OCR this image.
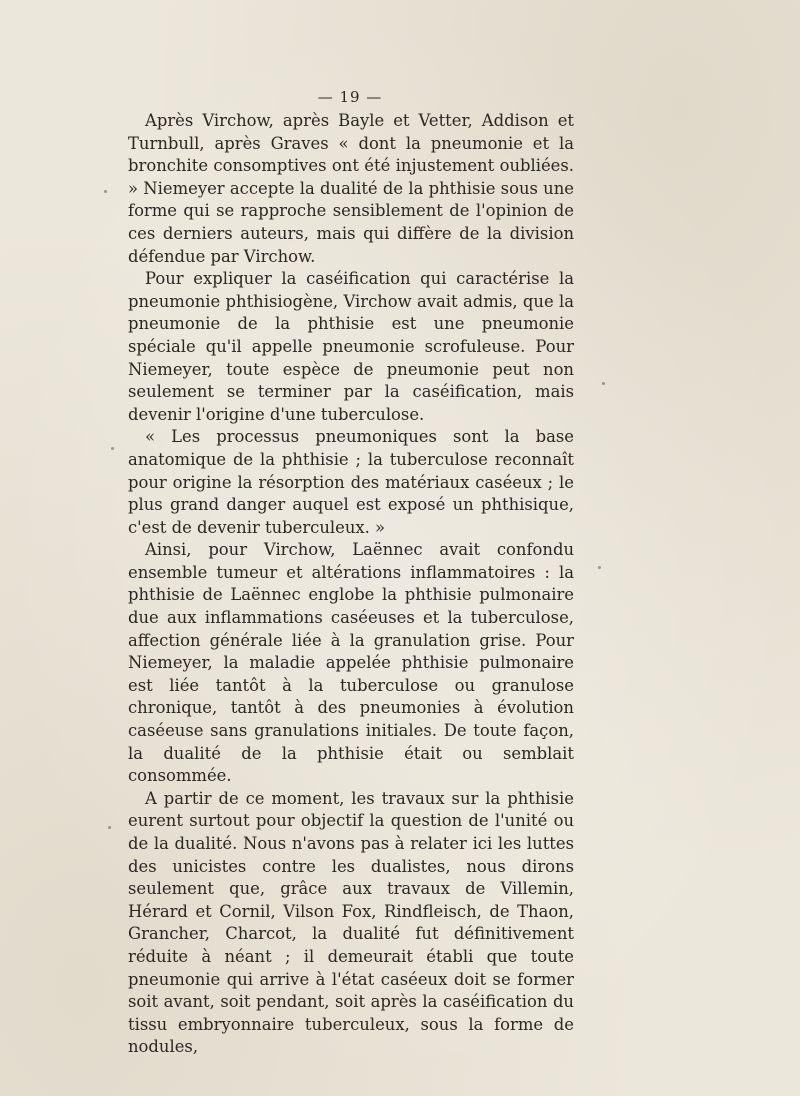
— 19 —

Après Virchow, après Bayle et Vetter, Addison et Turnbull, après Graves « dont la pneumonie et la bronchite consomptives ont été injustement oubliées. » Niemeyer accepte la dualité de la phthisie sous une forme qui se rapproche sensiblement de l'opinion de ces derniers auteurs, mais qui diffère de la division défendue par Virchow.

Pour expliquer la caséification qui caractérise la pneumonie phthisiogène, Virchow avait admis, que la pneumonie de la phthisie est une pneumonie spéciale qu'il appelle pneumonie scrofuleuse. Pour Niemeyer, toute espèce de pneumonie peut non seulement se terminer par la caséification, mais devenir l'origine d'une tuberculose.

« Les processus pneumoniques sont la base anatomique de la phthisie ; la tuberculose reconnaît pour origine la résorption des matériaux caséeux ; le plus grand danger auquel est exposé un phthisique, c'est de devenir tuberculeux. »

Ainsi, pour Virchow, Laënnec avait confondu ensemble tumeur et altérations inflammatoires : la phthisie de Laënnec englobe la phthisie pulmonaire due aux inflammations caséeuses et la tuberculose, affection générale liée à la granulation grise. Pour Niemeyer, la maladie appelée phthisie pulmonaire est liée tantôt à la tuberculose ou granulose chronique, tantôt à des pneumonies à évolution caséeuse sans granulations initiales. De toute façon, la dualité de la phthisie était ou semblait consommée.

A partir de ce moment, les travaux sur la phthisie eurent surtout pour objectif la question de l'unité ou de la dualité. Nous n'avons pas à relater ici les luttes des unicistes contre les dualistes, nous dirons seulement que, grâce aux travaux de Villemin, Hérard et Cornil, Vilson Fox, Rindfleisch, de Thaon, Grancher, Charcot, la dualité fut définitivement réduite à néant ; il demeurait établi que toute pneumonie qui arrive à l'état caséeux doit se former soit avant, soit pendant, soit après la caséification du tissu embryonnaire tuberculeux, sous la forme de nodules,
